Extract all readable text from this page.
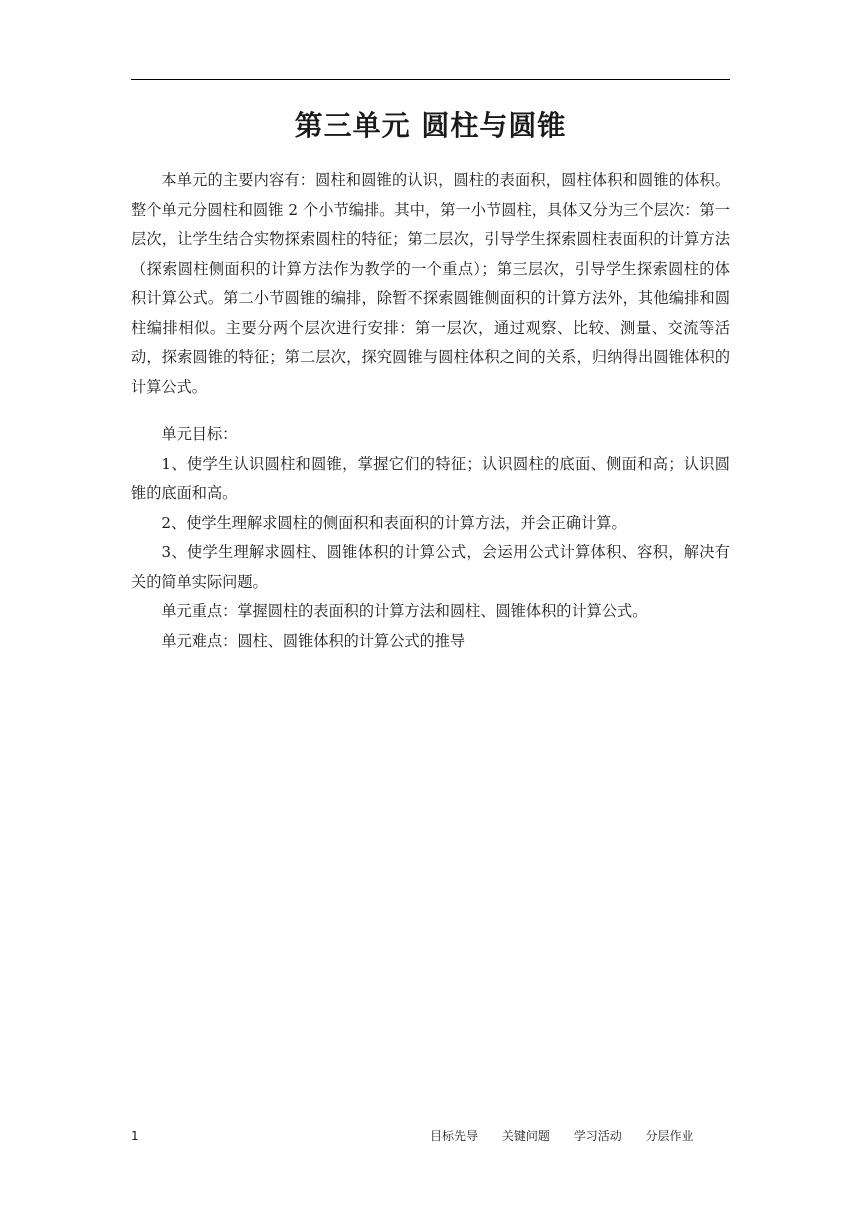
第三单元 圆柱与圆锥

本单元的主要内容有：圆柱和圆锥的认识，圆柱的表面积，圆柱体积和圆锥的体积。整个单元分圆柱和圆锥 2 个小节编排。其中，第一小节圆柱，具体又分为三个层次：第一层次，让学生结合实物探索圆柱的特征；第二层次，引导学生探索圆柱表面积的计算方法（探索圆柱侧面积的计算方法作为教学的一个重点）；第三层次，引导学生探索圆柱的体积计算公式。第二小节圆锥的编排，除暂不探索圆锥侧面积的计算方法外，其他编排和圆柱编排相似。主要分两个层次进行安排：第一层次，通过观察、比较、测量、交流等活动，探索圆锥的特征；第二层次，探究圆锥与圆柱体积之间的关系，归纳得出圆锥体积的计算公式。

单元目标：

1、使学生认识圆柱和圆锥，掌握它们的特征；认识圆柱的底面、侧面和高；认识圆锥的底面和高。

2、使学生理解求圆柱的侧面积和表面积的计算方法，并会正确计算。

3、使学生理解求圆柱、圆锥体积的计算公式，会运用公式计算体积、容积，解决有关的简单实际问题。

单元重点：掌握圆柱的表面积的计算方法和圆柱、圆锥体积的计算公式。

单元难点：圆柱、圆锥体积的计算公式的推导

1	目标先导 关键问题 学习活动 分层作业
